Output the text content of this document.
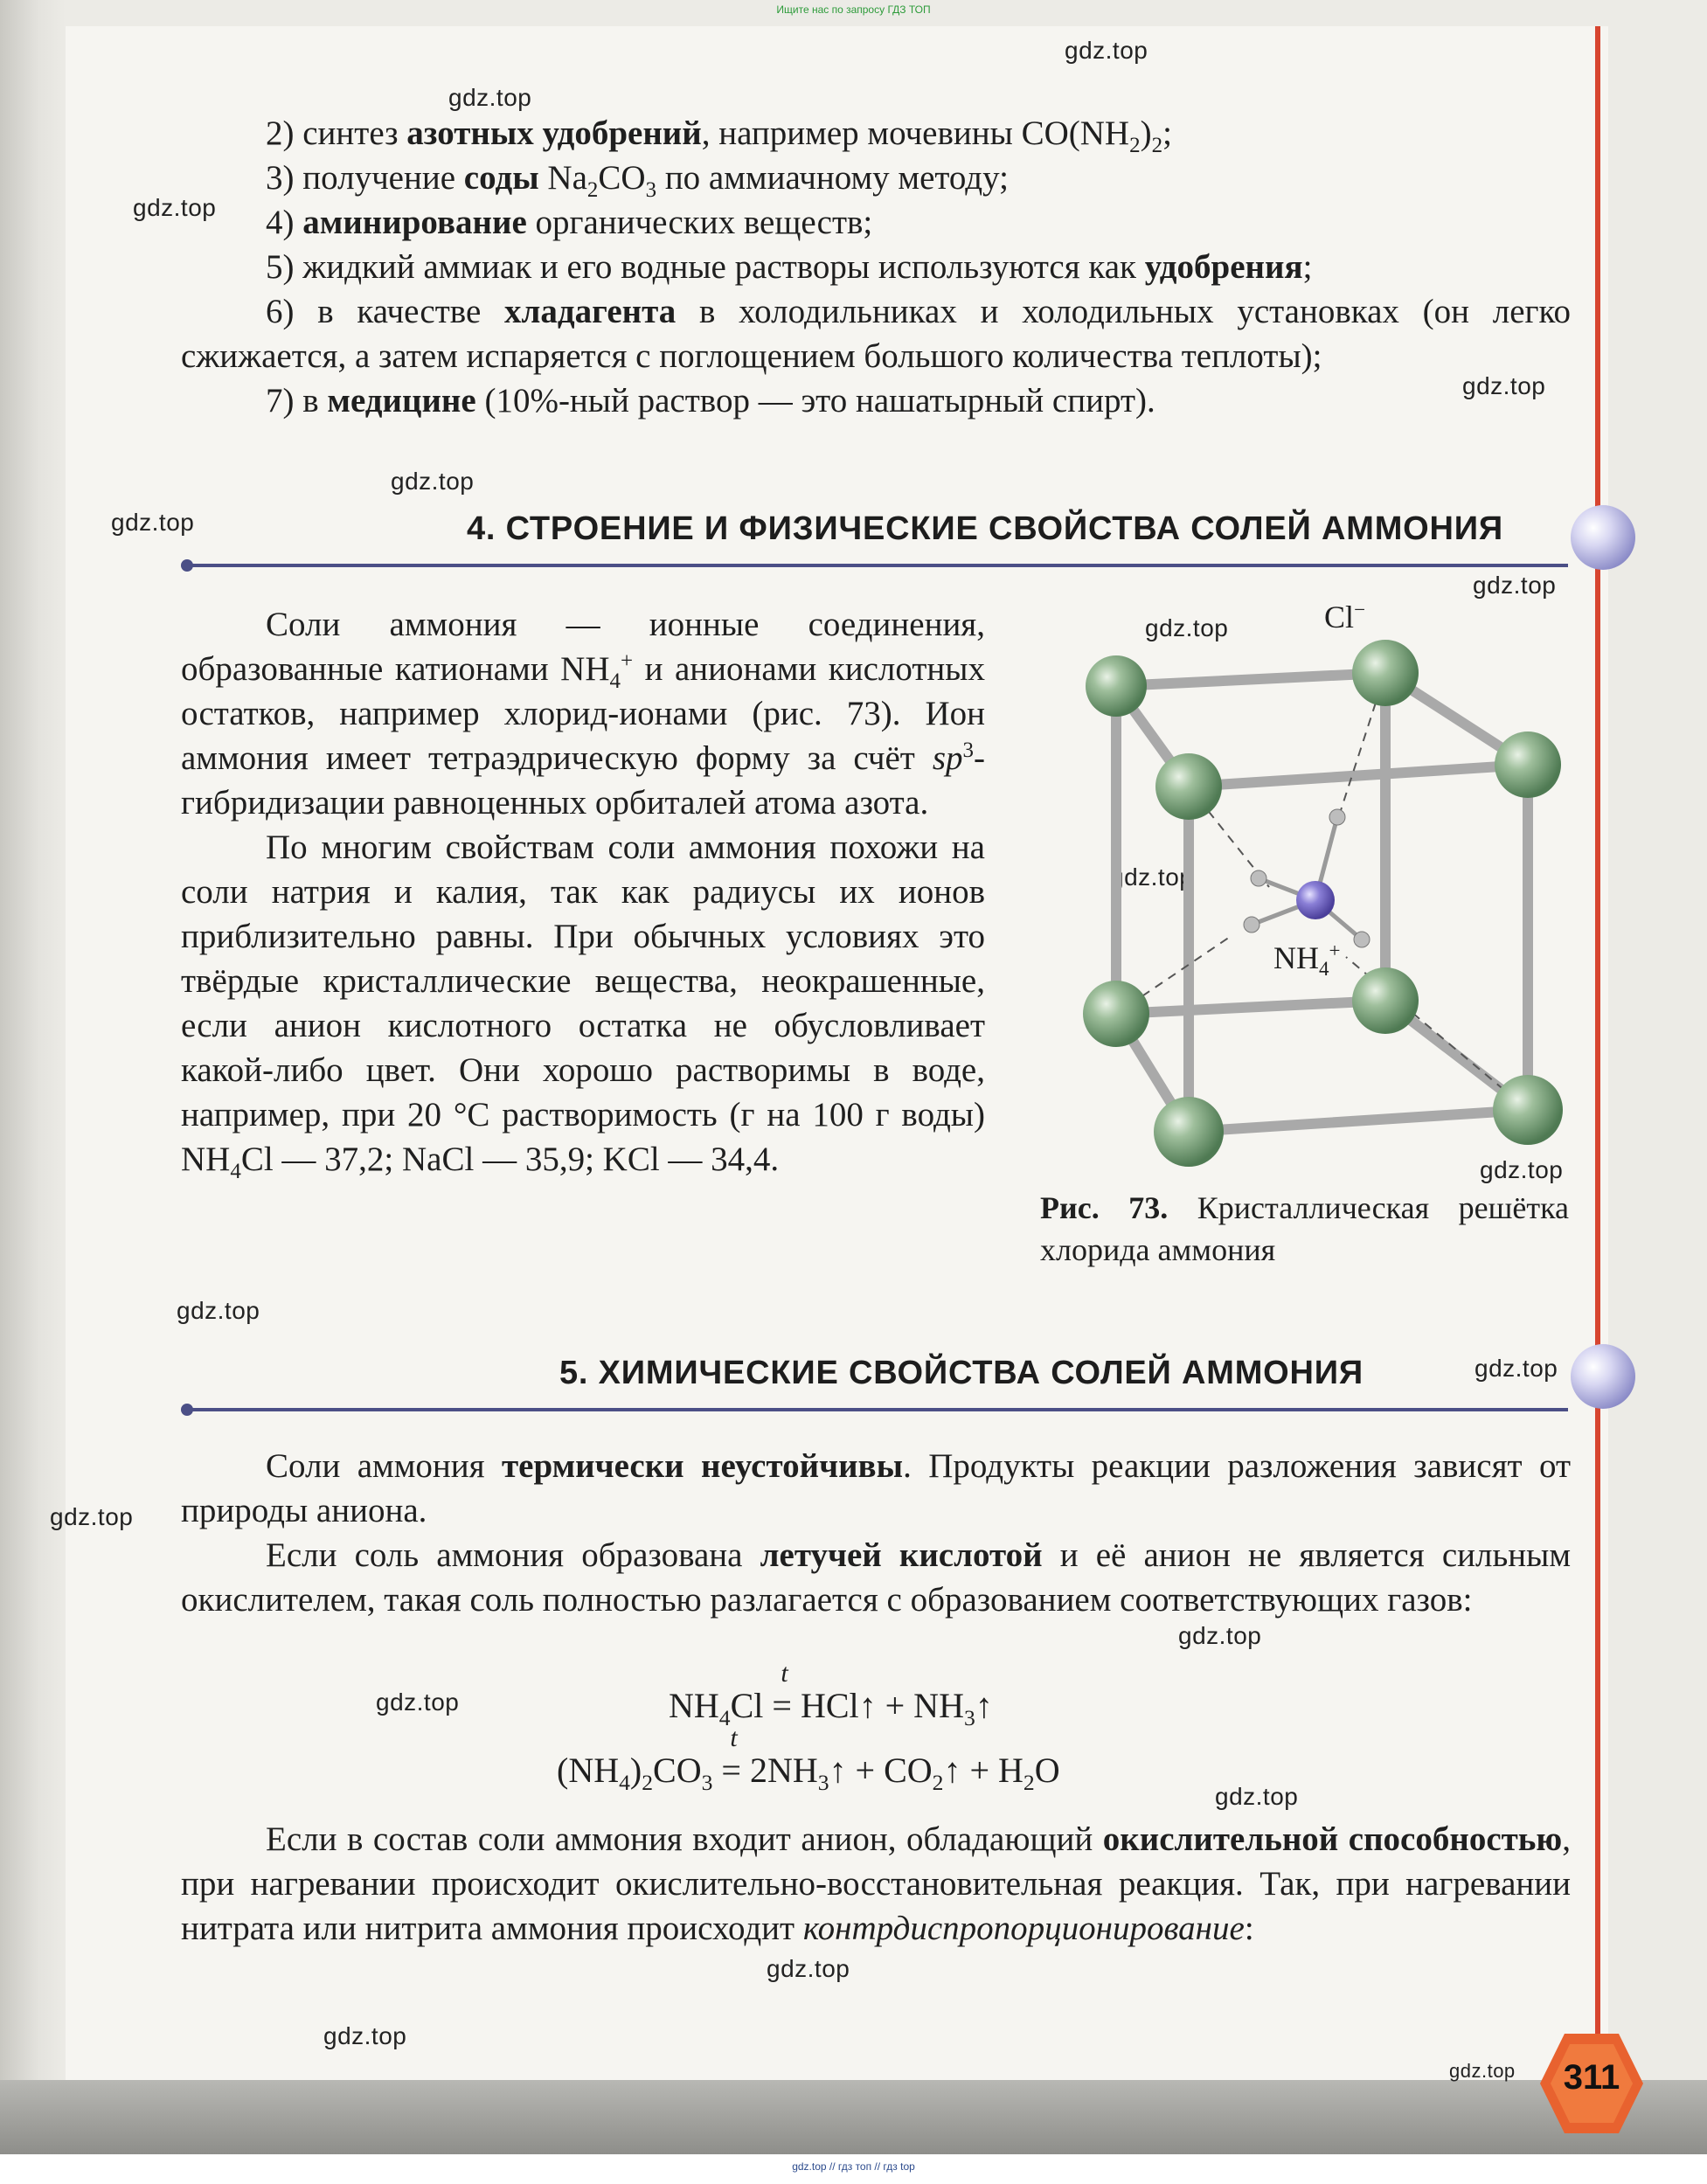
Ищите нас по запросу ГДЗ ТОП
gdz.top // гдз топ // гдз top
gdz.top
gdz.top
gdz.top
gdz.top
gdz.top
gdz.top
gdz.top
gdz.top
gdz.top
gdz.top
gdz.top
gdz.top
gdz.top
gdz.top
gdz.top
gdz.top
gdz.top
gdz.top
gdz.top

2) синтез азотных удобрений, например мочевины $CO(NH_2)_2$;

3) получение соды $Na_2CO_3$ по аммиачному методу;

4) аминирование органических веществ;

5) жидкий аммиак и его водные растворы используются как удобрения;

6) в качестве хладагента в холодильниках и холодильных установках (он легко сжижается, а затем испаряется с поглощением большого количества теплоты);

7) в медицине (10%-ный раствор — это нашатырный спирт).

4. СТРОЕНИЕ И ФИЗИЧЕСКИЕ СВОЙСТВА СОЛЕЙ АММОНИЯ

Соли аммония — ионные соединения, образованные катионами $NH_4^+$ и анионами кислотных остатков, например хлорид-ионами (рис. 73). Ион аммония имеет тетраэдрическую форму за счёт $sp^3$-гибридизации равноценных орбиталей атома азота.

По многим свойствам соли аммония похожи на соли натрия и калия, так как радиусы их ионов приблизительно равны. При обычных условиях это твёрдые кристаллические вещества, неокрашенные, если анион кислотного остатка не обусловливает какой-либо цвет. Они хорошо растворимы в воде, например, при 20 °C растворимость (г на 100 г воды) $NH_4Cl$ — 37,2; NaCl — 35,9; KCl — 34,4.

Cl−
$NH_4^+$
Рис. 73. Кристаллическая решётка хлорида аммония
5. ХИМИЧЕСКИЕ СВОЙСТВА СОЛЕЙ АММОНИЯ

Соли аммония термически неустойчивы. Продукты реакции разложения зависят от природы аниона.

Если соль аммония образована летучей кислотой и её анион не является сильным окислителем, такая соль полностью разлагается с образованием соответствующих газов:

$NH_4Cl$ =
t
HCl↑ + $NH_3↑$
$(NH_4)_2CO_3$ =
t
$2NH_3↑$ + $CO_2↑ + H_2O$

Если в состав соли аммония входит анион, обладающий окислительной способностью, при нагревании происходит окислительно-восстановительная реакция. Так, при нагревании нитрата или нитрита аммония происходит контрдиспропорционирование:

311
